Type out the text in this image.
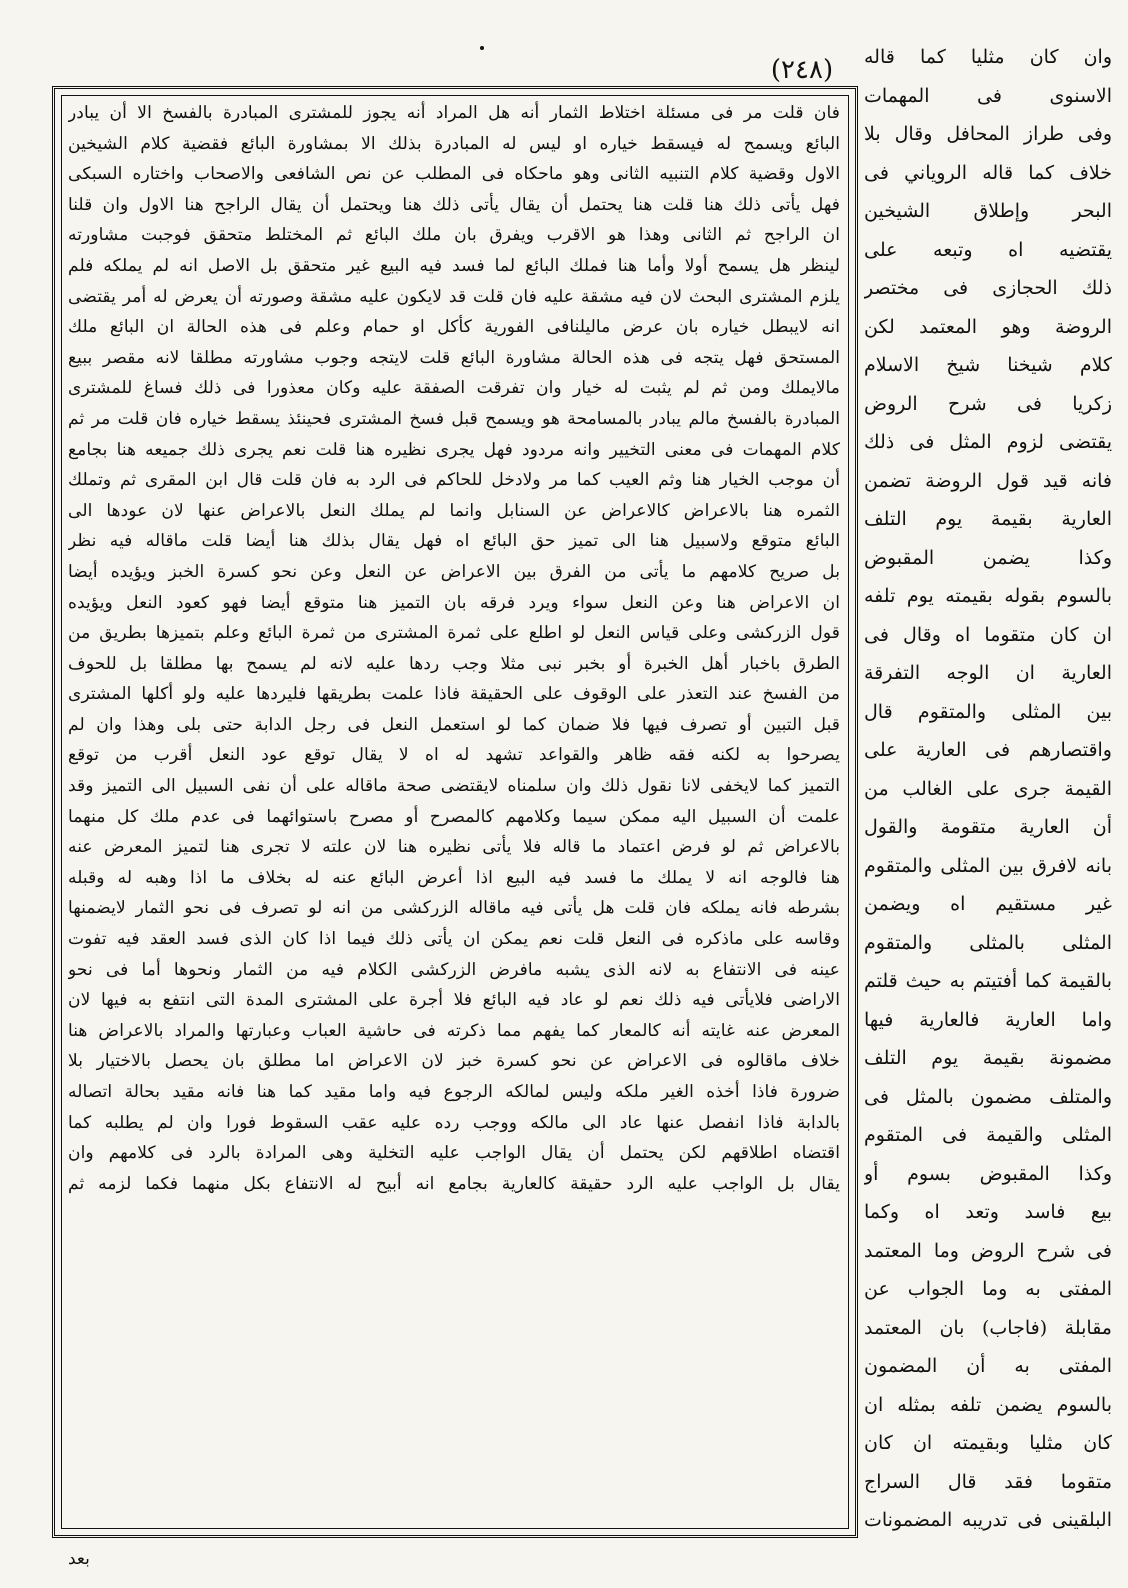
(٢٤٨)
فان قلت مر فى مسئلة اختلاط الثمار أنه هل المراد أنه يجوز للمشترى المبادرة بالفسخ الا أن يبادر
البائع ويسمح له فيسقط خياره او ليس له المبادرة بذلك الا بمشاورة البائع فقضية كلام الشيخين
الاول وقضية كلام التنبيه الثانى وهو ماحكاه فى المطلب عن نص الشافعى والاصحاب واختاره السبكى
فهل يأتى ذلك هنا قلت هنا يحتمل أن يقال يأتى ذلك هنا ويحتمل أن يقال الراجح هنا الاول وان قلنا
ان الراجح ثم الثانى وهذا هو الاقرب ويفرق بان ملك البائع ثم المختلط متحقق فوجبت مشاورته
لينظر هل يسمح أولا وأما هنا فملك البائع لما فسد فيه البيع غير متحقق بل الاصل انه لم يملكه فلم
يلزم المشترى البحث لان فيه مشقة عليه فان قلت قد لايكون عليه مشقة وصورته أن يعرض له أمر يقتضى
انه لايبطل خياره بان عرض ماليلنافى الفورية كأكل او حمام وعلم فى هذه الحالة ان البائع ملك
المستحق فهل يتجه فى هذه الحالة مشاورة البائع قلت لايتجه وجوب مشاورته مطلقا لانه مقصر ببيع
مالايملك ومن ثم لم يثبت له خيار وان تفرقت الصفقة عليه وكان معذورا فى ذلك فساغ للمشترى
المبادرة بالفسخ مالم يبادر بالمسامحة هو ويسمح قبل فسخ المشترى فحينئذ يسقط خياره فان قلت مر ثم
كلام المهمات فى معنى التخيير وانه مردود فهل يجرى نظيره هنا قلت نعم يجرى ذلك جميعه هنا بجامع
أن موجب الخيار هنا وثم العيب كما مر ولادخل للحاكم فى الرد به فان قلت قال ابن المقرى ثم وتملك
الثمره هنا بالاعراض كالاعراض عن السنابل وانما لم يملك النعل بالاعراض عنها لان عودها الى
البائع متوقع ولاسبيل هنا الى تميز حق البائع اه فهل يقال بذلك هنا أيضا قلت ماقاله فيه نظر
بل صريح كلامهم ما يأتى من الفرق بين الاعراض عن النعل وعن نحو كسرة الخبز ويؤيده أيضا
ان الاعراض هنا وعن النعل سواء ويرد فرقه بان التميز هنا متوقع أيضا فهو كعود النعل ويؤيده
قول الزركشى وعلى قياس النعل لو اطلع على ثمرة المشترى من ثمرة البائع وعلم بتميزها بطريق من
الطرق باخبار أهل الخبرة أو بخبر نبى مثلا وجب ردها عليه لانه لم يسمح بها مطلقا بل للحوف
من الفسخ عند التعذر على الوقوف على الحقيقة فاذا علمت بطريقها فليردها عليه ولو أكلها المشترى
قبل التبين أو تصرف فيها فلا ضمان كما لو استعمل النعل فى رجل الدابة حتى بلى وهذا وان لم
يصرحوا به لكنه فقه ظاهر والقواعد تشهد له اه لا يقال توقع عود النعل أقرب من توقع
التميز كما لايخفى لانا نقول ذلك وان سلمناه لايقتضى صحة ماقاله على أن نفى السبيل الى التميز وقد
علمت أن السبيل اليه ممكن سيما وكلامهم كالمصرح أو مصرح باستوائهما فى عدم ملك كل منهما
بالاعراض ثم لو فرض اعتماد ما قاله فلا يأتى نظيره هنا لان علته لا تجرى هنا لتميز المعرض عنه
هنا فالوجه انه لا يملك ما فسد فيه البيع اذا أعرض البائع عنه له بخلاف ما اذا وهبه له وقبله
بشرطه فانه يملكه فان قلت هل يأتى فيه ماقاله الزركشى من انه لو تصرف فى نحو الثمار لايضمنها
وقاسه على ماذكره فى النعل قلت نعم يمكن ان يأتى ذلك فيما اذا كان الذى فسد العقد فيه تفوت
عينه فى الانتفاع به لانه الذى يشبه مافرض الزركشى الكلام فيه من الثمار ونحوها أما فى نحو
الاراضى فلايأتى فيه ذلك نعم لو عاد فيه البائع فلا أجرة على المشترى المدة التى انتفع به فيها لان
المعرض عنه غايته أنه كالمعار كما يفهم مما ذكرته فى حاشية العباب وعبارتها والمراد بالاعراض هنا
خلاف ماقالوه فى الاعراض عن نحو كسرة خبز لان الاعراض اما مطلق بان يحصل بالاختيار بلا
ضرورة فاذا أخذه الغير ملكه وليس لمالكه الرجوع فيه واما مقيد كما هنا فانه مقيد بحالة اتصاله
بالدابة فاذا انفصل عنها عاد الى مالكه ووجب رده عليه عقب السقوط فورا وان لم يطلبه كما
اقتضاه اطلاقهم لكن يحتمل أن يقال الواجب عليه التخلية وهى المرادة بالرد فى كلامهم وان
يقال بل الواجب عليه الرد حقيقة كالعارية بجامع انه أبيح له الانتفاع بكل منهما فكما لزمه ثم
وان كان مثليا كما قاله
الاسنوى فى المهمات
وفى طراز المحافل وقال بلا
خلاف كما قاله الروياني فى
البحر وإطلاق الشيخين
يقتضيه اه وتبعه على
ذلك الحجازى فى مختصر
الروضة وهو المعتمد لكن
كلام شيخنا شيخ الاسلام
زكريا فى شرح الروض
يقتضى لزوم المثل فى ذلك
فانه قيد قول الروضة تضمن
العارية بقيمة يوم التلف
وكذا يضمن المقبوض
بالسوم بقوله بقيمته يوم تلفه
ان كان متقوما اه وقال فى
العارية ان الوجه التفرقة
بين المثلى والمتقوم قال
واقتصارهم فى العارية على
القيمة جرى على الغالب من
أن العارية متقومة والقول
بانه لافرق بين المثلى والمتقوم
غير مستقيم اه ويضمن
المثلى بالمثلى والمتقوم
بالقيمة كما أفتيتم به حيث قلتم
واما العارية فالعارية فيها
مضمونة بقيمة يوم التلف
والمتلف مضمون بالمثل فى
المثلى والقيمة فى المتقوم
وكذا المقبوض بسوم أو
بيع فاسد وتعد اه وكما
فى شرح الروض وما المعتمد
المفتى به وما الجواب عن
مقابلة (فاجاب) بان المعتمد
المفتى به أن المضمون
بالسوم يضمن تلفه بمثله ان
كان مثليا وبقيمته ان كان
متقوما فقد قال السراج
البلقينى فى تدريبه المضمونات
بعد
